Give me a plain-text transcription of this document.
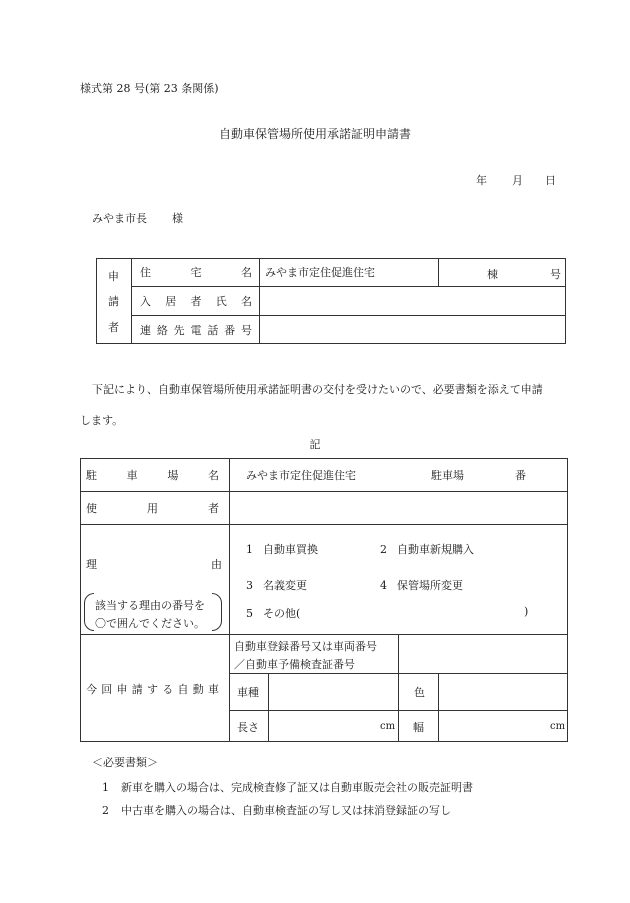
様式第 28 号(第 23 条関係)
自動車保管場所使用承諾証明申請書
年 月 日
みやま市長 様
申
請
者
住	宅	名 みやま市定住促進住宅	棟	号
入 居 者 氏 名
連 絡 先 電 話 番 号
下記により、自動車保管場所使用承諾証明書の交付を受けたいので、必要書類を添えて申請
します。
記
駐	車	場	名 みやま市定住促進住宅	駐車場	番
使	用	者
理	由
該当する理由の番号を
〇で囲んでください。
1 自動車買換	2 自動車新規購入
3 名義変更	4 保管場所変更
5 その他(	)
今 回 申 請 す る 自 動 車
自動車登録番号又は車両番号
／自動車予備検査証番号
車種	色
長さ	cm 幅	cm
＜必要書類＞
1 新車を購入の場合は、完成検査修了証又は自動車販売会社の販売証明書
2 中古車を購入の場合は、自動車検査証の写し又は抹消登録証の写し
